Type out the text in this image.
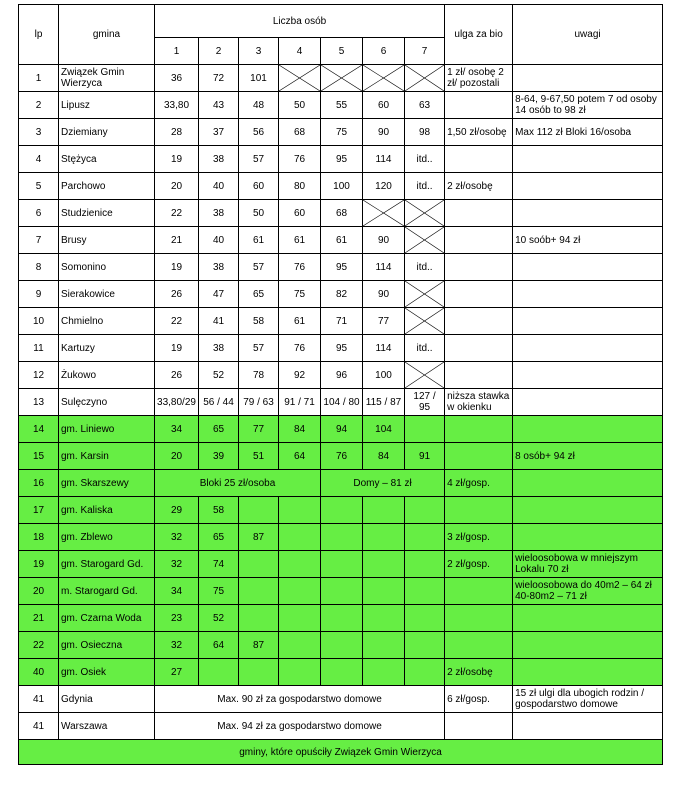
lp	gmina	Liczba osób							ulga za bio	uwagi
		1	2	3	4	5	6	7		
1	Związek Gmin Wierzyca	36	72	101					1 zł/ osobę 2 zł/ pozostali	
2	Lipusz	33,80	43	48	50	55	60	63		8-64, 9-67,50 potem 7 od osoby 14 osób to 98 zł
3	Dziemiany	28	37	56	68	75	90	98	1,50 zł/osobę	Max 112 zł Bloki 16/osoba
4	Stężyca	19	38	57	76	95	114	itd..		
5	Parchowo	20	40	60	80	100	120	itd..	2 zł/osobę	
6	Studzienice	22	38	50	60	68				
7	Brusy	21	40	61	61	61	90			10 soób+ 94 zł
8	Somonino	19	38	57	76	95	114	itd..		
9	Sierakowice	26	47	65	75	82	90			
10	Chmielno	22	41	58	61	71	77			
11	Kartuzy	19	38	57	76	95	114	itd..		
12	Żukowo	26	52	78	92	96	100			
13	Sulęczyno	33,80/29	56 / 44	79 / 63	91 / 71	104 / 80	115 / 87	127 / 95	niższa stawka w okienku	
14	gm. Liniewo	34	65	77	84	94	104			
15	gm. Karsin	20	39	51	64	76	84	91		8 osób+ 94 zł
16	gm. Skarszewy	Bloki 25 zł/osoba				Domy – 81 zł			4 zł/gosp.	
17	gm. Kaliska	29	58							
18	gm. Zblewo	32	65	87					3 zł/gosp.	
19	gm. Starogard Gd.	32	74						2 zł/gosp.	wieloosobowa w mniejszym Lokalu 70 zł
20	m. Starogard Gd.	34	75							wieloosobowa do 40m2 – 64 zł 40-80m2 – 71 zł
21	gm. Czarna Woda	23	52							
22	gm. Osieczna	32	64	87						
40	gm. Osiek	27							2 zł/osobę	
41	Gdynia	Max. 90 zł za gospodarstwo domowe							6 zł/gosp.	15 zł ulgi dla ubogich rodzin / gospodarstwo domowe
41	Warszawa	Max. 94 zł za gospodarstwo domowe								
gminy, które opuściły Związek Gmin Wierzyca										
